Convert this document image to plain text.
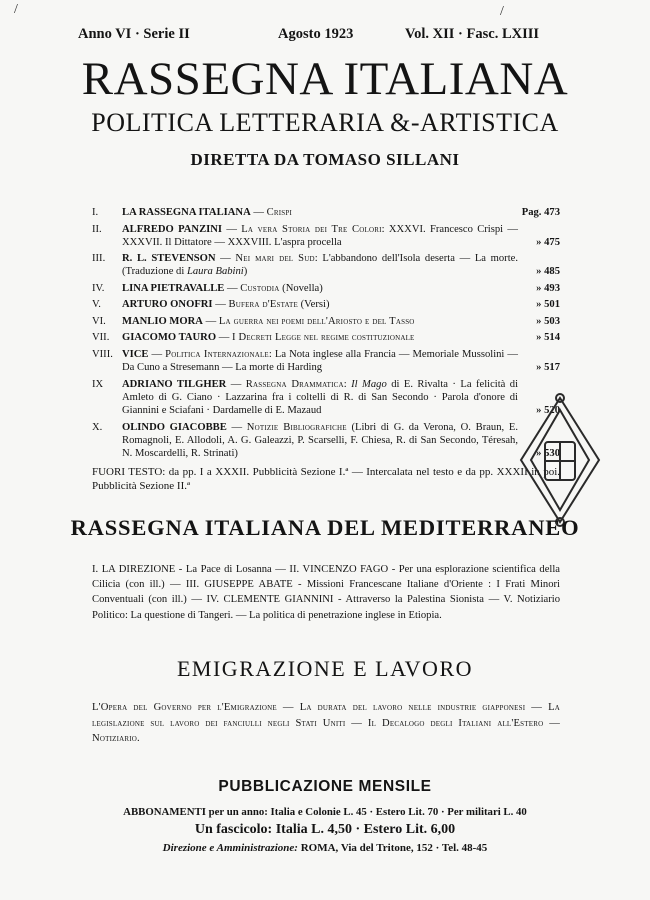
/	/
Anno VI · Serie II	Agosto 1923	Vol. XII · Fasc. LXIII
RASSEGNA ITALIANA
POLITICA LETTERARIA &-ARTISTICA
DIRETTA DA TOMASO SILLANI
I. LA RASSEGNA ITALIANA — Crispi	Pag. 473
II. ALFREDO PANZINI — La vera Storia dei Tre Colori: XXXVI. Francesco Crispi — XXXVII. Il Dittatore — XXXVIII. L'aspra procella	» 475
III. R. L. STEVENSON — Nei mari del Sud: L'abbandono dell'Isola deserta — La morte. (Traduzione di Laura Babini)	» 485
IV. LINA PIETRAVALLE — Custodia (Novella)	» 493
V. ARTURO ONOFRI — Bufera d'Estate (Versi)	» 501
VI. MANLIO MORA — La guerra nei poemi dell'Ariosto e del Tasso	» 503
VII. GIACOMO TAURO — I Decreti Legge nel regime costituzionale	» 514
VIII. VICE — Politica Internazionale: La Nota inglese alla Francia — Memoriale Mussolini — Da Cuno a Stresemann — La morte di Harding	» 517
IX ADRIANO TILGHER — Rassegna Drammatica: Il Mago di E. Rivalta · La felicità di Amleto di G. Ciano · Lazzarina fra i coltelli di R. di San Secondo · Parola d'onore di Giannini e Sciafani · Dardamelle di E. Mazaud	» 520
X. OLINDO GIACOBBE — Notizie Bibliografiche (Libri di G. da Verona, O. Braun, E. Romagnoli, E. Allodoli, A. G. Galeazzi, P. Scarselli, F. Chiesa, R. di San Secondo, Téresah, N. Moscardelli, R. Strinati)	» 530
FUORI TESTO: da pp. I a XXXII. Pubblicità Sezione I.ª — Intercalata nel testo e da pp. XXXII in poi. Pubblicità Sezione II.ª
RASSEGNA ITALIANA DEL MEDITERRANEO
I. LA DIREZIONE - La Pace di Losanna — II. VINCENZO FAGO - Per una esplorazione scientifica della Cilicia (con ill.) — III. GIUSEPPE ABATE - Missioni Francescane Italiane d'Oriente : I Frati Minori Conventuali (con ill.) — IV. CLEMENTE GIANNINI - Attraverso la Palestina Sionista — V. Notiziario Politico: La questione di Tangeri. — La politica di penetrazione inglese in Etiopia.
EMIGRAZIONE E LAVORO
L'Opera del Governo per l'Emigrazione — La durata del lavoro nelle industrie giapponesi — La legislazione sul lavoro dei fanciulli negli Stati Uniti — Il Decalogo degli Italiani all'Estero — Notiziario.
PUBBLICAZIONE MENSILE
ABBONAMENTI per un anno: Italia e Colonie L. 45 · Estero Lit. 70 · Per militari L. 40
Un fascicolo: Italia L. 4,50 · Estero Lit. 6,00
Direzione e Amministrazione: ROMA, Via del Tritone, 152 · Tel. 48-45
